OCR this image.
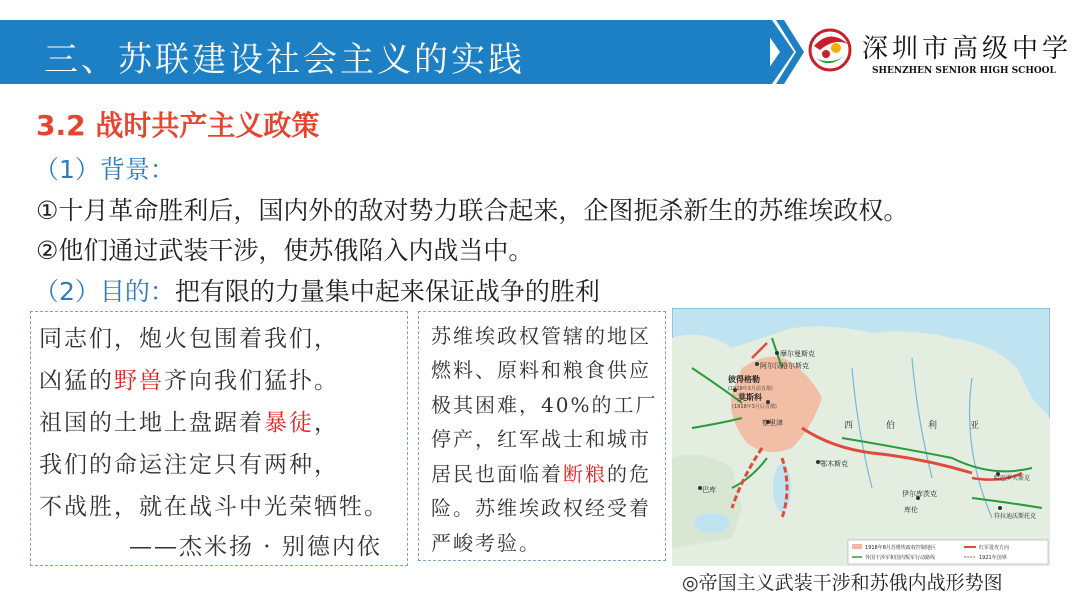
三、苏联建设社会主义的实践	深圳市高级中学
SHENZHEN SENIOR HIGH SCHOOL
3.2 战时共产主义政策
（1）背景：
①十月革命胜利后，国内外的敌对势力联合起来，企图扼杀新生的苏维埃政权。
②他们通过武装干涉，使苏俄陷入内战当中。
（2）目的：把有限的力量集中起来保证战争的胜利
同志们，炮火包围着我们，
凶猛的野兽齐向我们猛扑。
祖国的土地上盘踞着暴徒，
我们的命运注定只有两种，
不战胜，就在战斗中光荣牺牲。
——杰米扬 · 别德内依
苏维埃政权管辖的地区
燃料、原料和粮食供应
极其困难，40%的工厂
停产，红军战士和城市
居民也面临着断粮的危
险。苏维埃政权经受着
严峻考验。
摩尔曼斯克
阿尔汉格尔斯克
彼得格勒
(1918年3月前首都)
莫斯科
(1918年3月后首都)
察里津	西	伯	利	亚
鄂木斯克
巴库
哈巴罗夫斯克
伊尔库茨克
库伦
符拉迪沃斯托克
1918年8月苏维埃政权控制地区
外国干涉军和国内叛军行动路线
红军进攻方向
1921年国界
◎帝国主义武装干涉和苏俄内战形势图
